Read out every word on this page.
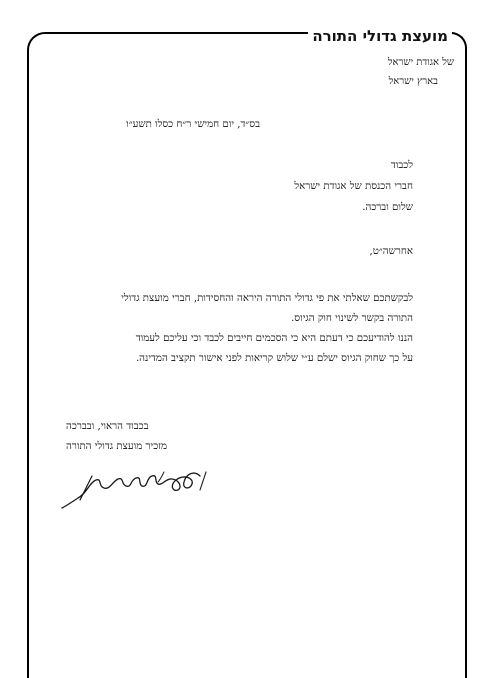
מועצת גדולי התורה
של אגודת ישראל
בארץ ישראל
בס״ד, יום חמישי ר״ח כסלו תשע״ו
לכבוד
חברי הכנסת של אגודת ישראל
שלום וברכה.
אחרשה״ט,
לבקשתכם שאלתי את פי גדולי התורה היראה והחסידות, חברי מועצת גדולי
התורה בקשר לשינוי חוק הגיוס.
הננו להודיעכם כי דעתם היא כי הסכמים חייבים לכבד וכי עליכם לעמוד
על כך שחוק הגיוס ישלם ע״י שלוש קריאות לפני אישור תקציב המדינה.
בכבוד הראוי, ובברכה
מזכיר מועצת גדולי התורה
